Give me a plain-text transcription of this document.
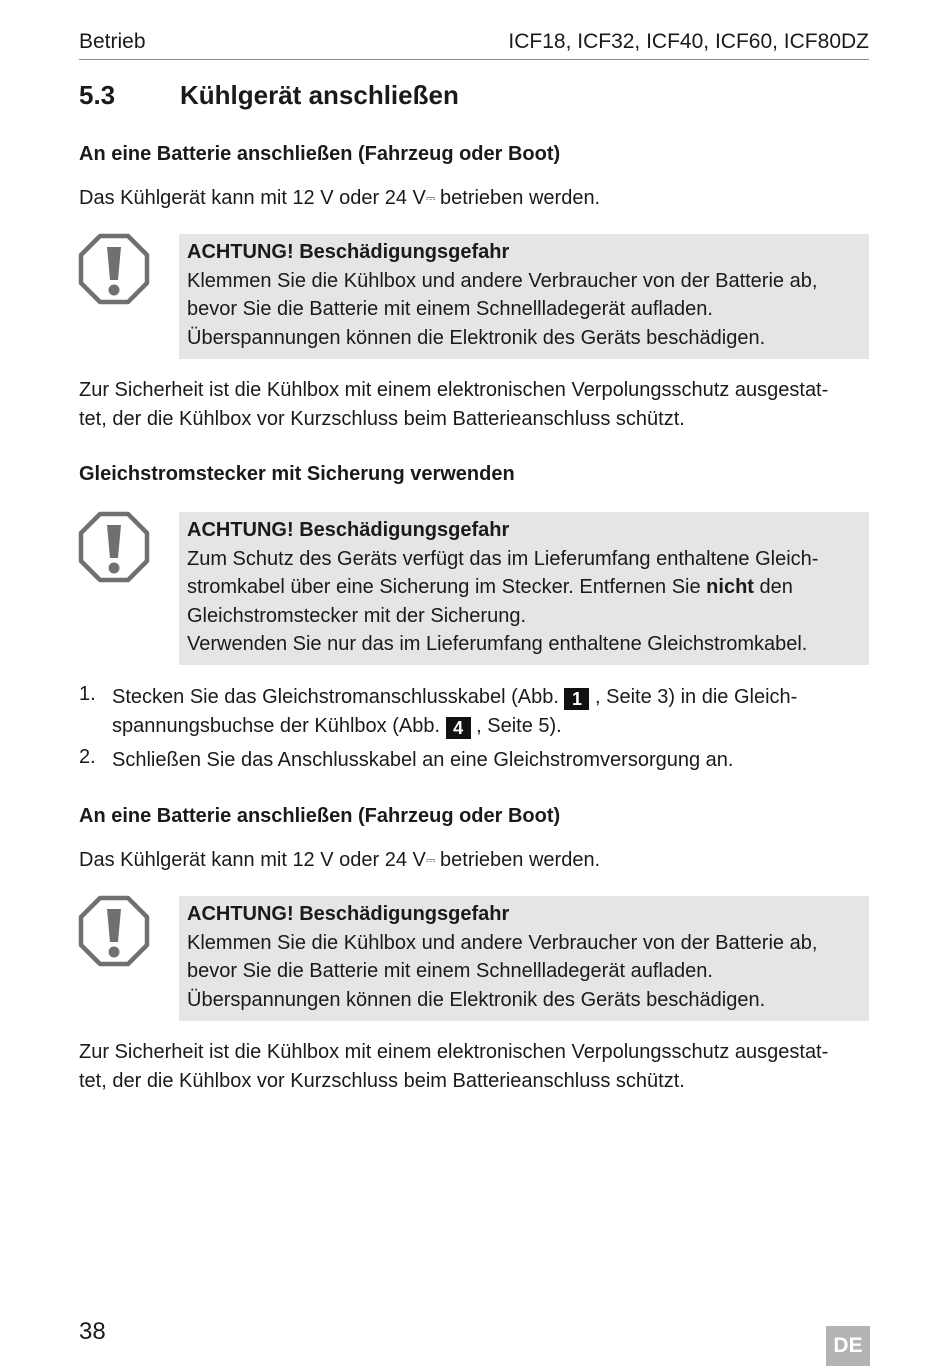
Betrieb	ICF18, ICF32, ICF40, ICF60, ICF80DZ
5.3 Kühlgerät anschließen
An eine Batterie anschließen (Fahrzeug oder Boot)
Das Kühlgerät kann mit 12 V oder 24 V⎓ betrieben werden.
ACHTUNG! Beschädigungsgefahr
Klemmen Sie die Kühlbox und andere Verbraucher von der Batterie ab,
bevor Sie die Batterie mit einem Schnellladegerät aufladen.
Überspannungen können die Elektronik des Geräts beschädigen.
Zur Sicherheit ist die Kühlbox mit einem elektronischen Verpolungsschutz ausgestat-
tet, der die Kühlbox vor Kurzschluss beim Batterieanschluss schützt.
Gleichstromstecker mit Sicherung verwenden
ACHTUNG! Beschädigungsgefahr
Zum Schutz des Geräts verfügt das im Lieferumfang enthaltene Gleich-
stromkabel über eine Sicherung im Stecker. Entfernen Sie nicht den
Gleichstromstecker mit der Sicherung.
Verwenden Sie nur das im Lieferumfang enthaltene Gleichstromkabel.
1. Stecken Sie das Gleichstromanschlusskabel (Abb. 1 , Seite 3) in die Gleich-
spannungsbuchse der Kühlbox (Abb. 4 , Seite 5).
2. Schließen Sie das Anschlusskabel an eine Gleichstromversorgung an.
An eine Batterie anschließen (Fahrzeug oder Boot)
Das Kühlgerät kann mit 12 V oder 24 V⎓ betrieben werden.
ACHTUNG! Beschädigungsgefahr
Klemmen Sie die Kühlbox und andere Verbraucher von der Batterie ab,
bevor Sie die Batterie mit einem Schnellladegerät aufladen.
Überspannungen können die Elektronik des Geräts beschädigen.
Zur Sicherheit ist die Kühlbox mit einem elektronischen Verpolungsschutz ausgestat-
tet, der die Kühlbox vor Kurzschluss beim Batterieanschluss schützt.
38
DE
